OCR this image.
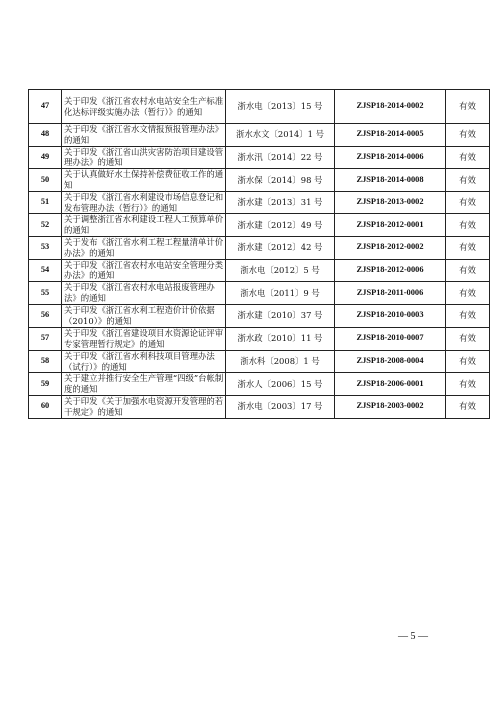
47	关于印发《浙江省农村水电站安全生产标准化达标评级实施办法（暂行）》的通知	浙水电〔2013〕15 号	ZJSP18-2014-0002	有效
48	关于印发《浙江省水文情报预报管理办法》的通知	浙水水文〔2014〕1 号	ZJSP18-2014-0005	有效
49	关于印发《浙江省山洪灾害防治项目建设管理办法》的通知	浙水汛〔2014〕22 号	ZJSP18-2014-0006	有效
50	关于认真做好水土保持补偿费征收工作的通知	浙水保〔2014〕98 号	ZJSP18-2014-0008	有效
51	关于印发《浙江省水利建设市场信息登记和发布管理办法（暂行）》的通知	浙水建〔2013〕31 号	ZJSP18-2013-0002	有效
52	关于调整浙江省水利建设工程人工预算单价的通知	浙水建〔2012〕49 号	ZJSP18-2012-0001	有效
53	关于发布《浙江省水利工程工程量清单计价办法》的通知	浙水建〔2012〕42 号	ZJSP18-2012-0002	有效
54	关于印发《浙江省农村水电站安全管理分类办法》的通知	浙水电〔2012〕5 号	ZJSP18-2012-0006	有效
55	关于印发《浙江省农村水电站报废管理办法》的通知	浙水电〔2011〕9 号	ZJSP18-2011-0006	有效
56	关于印发《浙江省水利工程造价计价依据（2010）》的通知	浙水建〔2010〕37 号	ZJSP18-2010-0003	有效
57	关于印发《浙江省建设项目水资源论证评审专家管理暂行规定》的通知	浙水政〔2010〕11 号	ZJSP18-2010-0007	有效
58	关于印发《浙江省水利科技项目管理办法（试行）》的通知	浙水科〔2008〕1 号	ZJSP18-2008-0004	有效
59	关于建立并推行安全生产管理“四级”台帐制度的通知	浙水人〔2006〕15 号	ZJSP18-2006-0001	有效
60	关于印发《关于加强水电资源开发管理的若干规定》的通知	浙水电〔2003〕17 号	ZJSP18-2003-0002	有效
— 5 —
